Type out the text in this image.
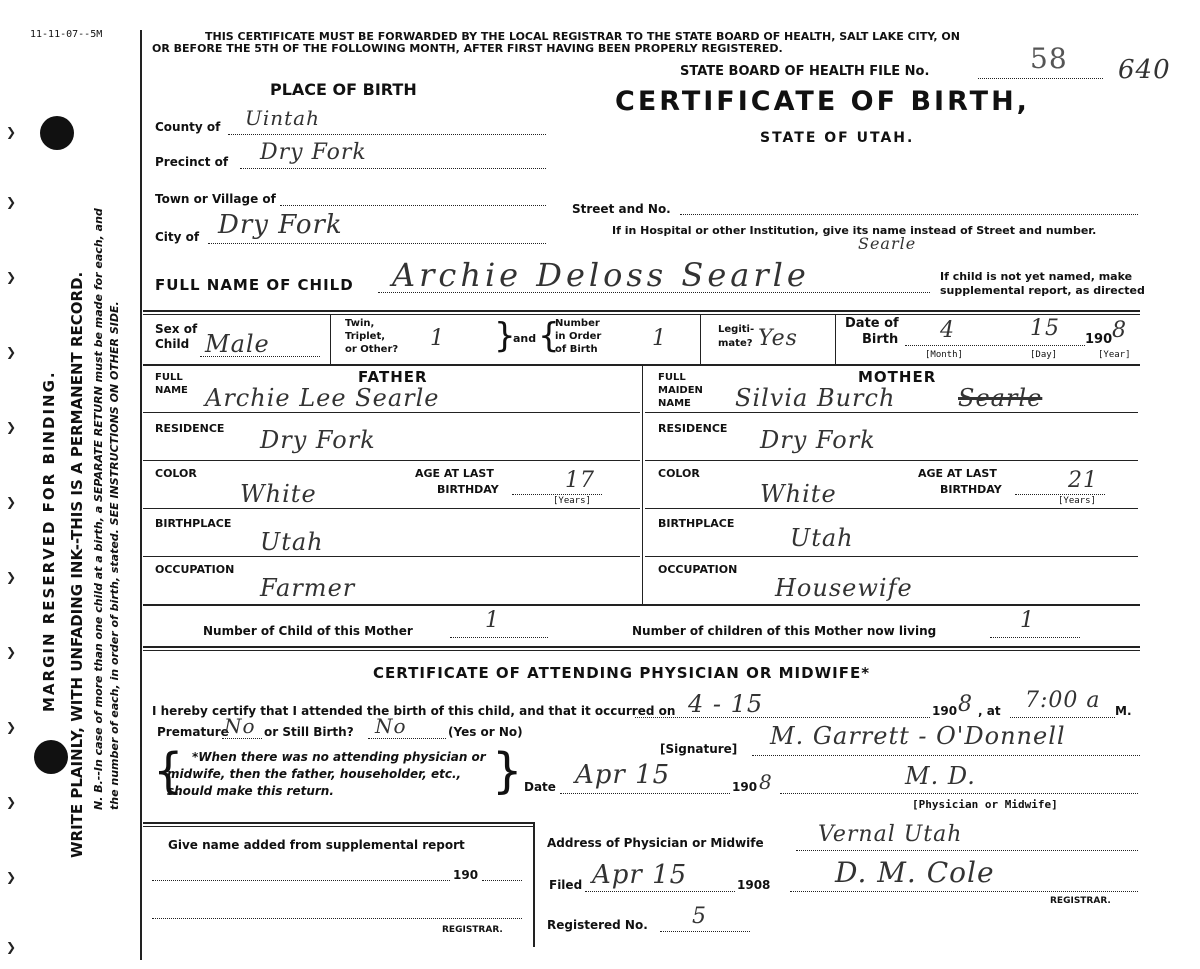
11-11-07--5M
❯
❯
❯
❯
❯
❯
❯
❯
❯
❯
❯
❯
MARGIN RESERVED FOR BINDING. WRITE PLAINLY, WITH UNFADING INK--THIS IS A PERMANENT RECORD. N. B.--In case of more than one child at a birth, a SEPARATE RETURN must be made for each, and the number of each, in order of birth, stated. SEE INSTRUCTIONS ON OTHER SIDE.
THIS CERTIFICATE MUST BE FORWARDED BY THE LOCAL REGISTRAR TO THE STATE BOARD OF HEALTH, SALT LAKE CITY, ON
OR BEFORE THE 5TH OF THE FOLLOWING MONTH, AFTER FIRST HAVING BEEN PROPERLY REGISTERED.
STATE BOARD OF HEALTH FILE No.	58 640
PLACE OF BIRTH	CERTIFICATE OF BIRTH,
STATE OF UTAH.
County of Uintah
Precinct of Dry Fork
Town or Village of
Street and No.
If in Hospital or other Institution, give its name instead of Street and number.
City of Dry Fork
FULL NAME OF CHILD Archie Deloss Searle
Searle
If child is not yet named, make
supplemental report, as directed
Sex of
Child Male
Twin,
Triplet,
or Other? 1 }
and {
Number
in Order
of Birth 1	Legiti-
mate? Yes
Date of
Birth 4	15 190 8
[Month]	[Day]	[Year]
FATHER
FULL
NAME Archie Lee Searle
RESIDENCE Dry Fork
COLOR
White
AGE AT LAST
BIRTHDAY	17
[Years]
BIRTHPLACE
Utah
OCCUPATION
Farmer
MOTHER
FULL
MAIDEN
NAME Silvia Burch	Searle
RESIDENCE Dry Fork
COLOR
White
AGE AT LAST
BIRTHDAY	21
[Years]
BIRTHPLACE
Utah
OCCUPATION
Housewife
Number of Child of this Mother	1	Number of children of this Mother now living	1
CERTIFICATE OF ATTENDING PHYSICIAN OR MIDWIFE*
I hereby certify that I attended the birth of this child, and that it occurred on 4 - 15	190 8 , at 7:00 a M.
Premature
No or Still Birth? No	(Yes or No)
{ *When there was no attending physician or
midwife, then the father, householder, etc.,
should make this return.	}	[Signature] M. Garrett - O'Donnell
Date Apr 15	190 8	M. D.
[Physician or Midwife]
Give name added from supplemental report
190
REGISTRAR.
Address of Physician or Midwife Vernal Utah
Filed Apr 15	1908 D. M. Cole
REGISTRAR.
Registered No. 5
